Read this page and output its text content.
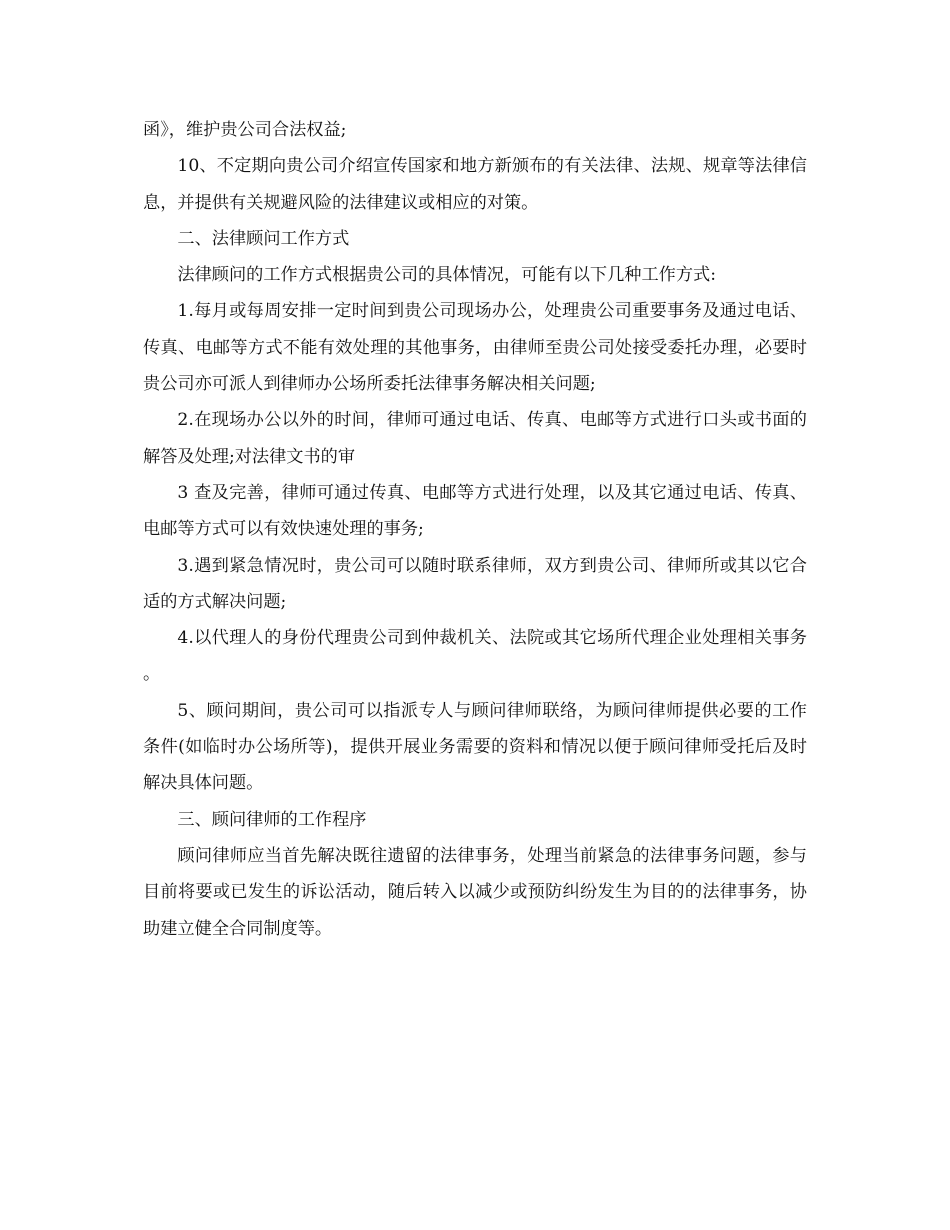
函》，维护贵公司合法权益;

10、不定期向贵公司介绍宣传国家和地方新颁布的有关法律、法规、规章等法律信息，并提供有关规避风险的法律建议或相应的对策。

二、法律顾问工作方式

法律顾问的工作方式根据贵公司的具体情况，可能有以下几种工作方式:

1.每月或每周安排一定时间到贵公司现场办公，处理贵公司重要事务及通过电话、传真、电邮等方式不能有效处理的其他事务，由律师至贵公司处接受委托办理，必要时贵公司亦可派人到律师办公场所委托法律事务解决相关问题;

2.在现场办公以外的时间，律师可通过电话、传真、电邮等方式进行口头或书面的解答及处理;对法律文书的审

3 查及完善，律师可通过传真、电邮等方式进行处理，以及其它通过电话、传真、电邮等方式可以有效快速处理的事务;

3.遇到紧急情况时，贵公司可以随时联系律师，双方到贵公司、律师所或其以它合适的方式解决问题;

4.以代理人的身份代理贵公司到仲裁机关、法院或其它场所代理企业处理相关事务。

5、顾问期间，贵公司可以指派专人与顾问律师联络，为顾问律师提供必要的工作条件(如临时办公场所等)，提供开展业务需要的资料和情况以便于顾问律师受托后及时解决具体问题。

三、顾问律师的工作程序

顾问律师应当首先解决既往遗留的法律事务，处理当前紧急的法律事务问题，参与目前将要或已发生的诉讼活动，随后转入以减少或预防纠纷发生为目的的法律事务，协助建立健全合同制度等。
